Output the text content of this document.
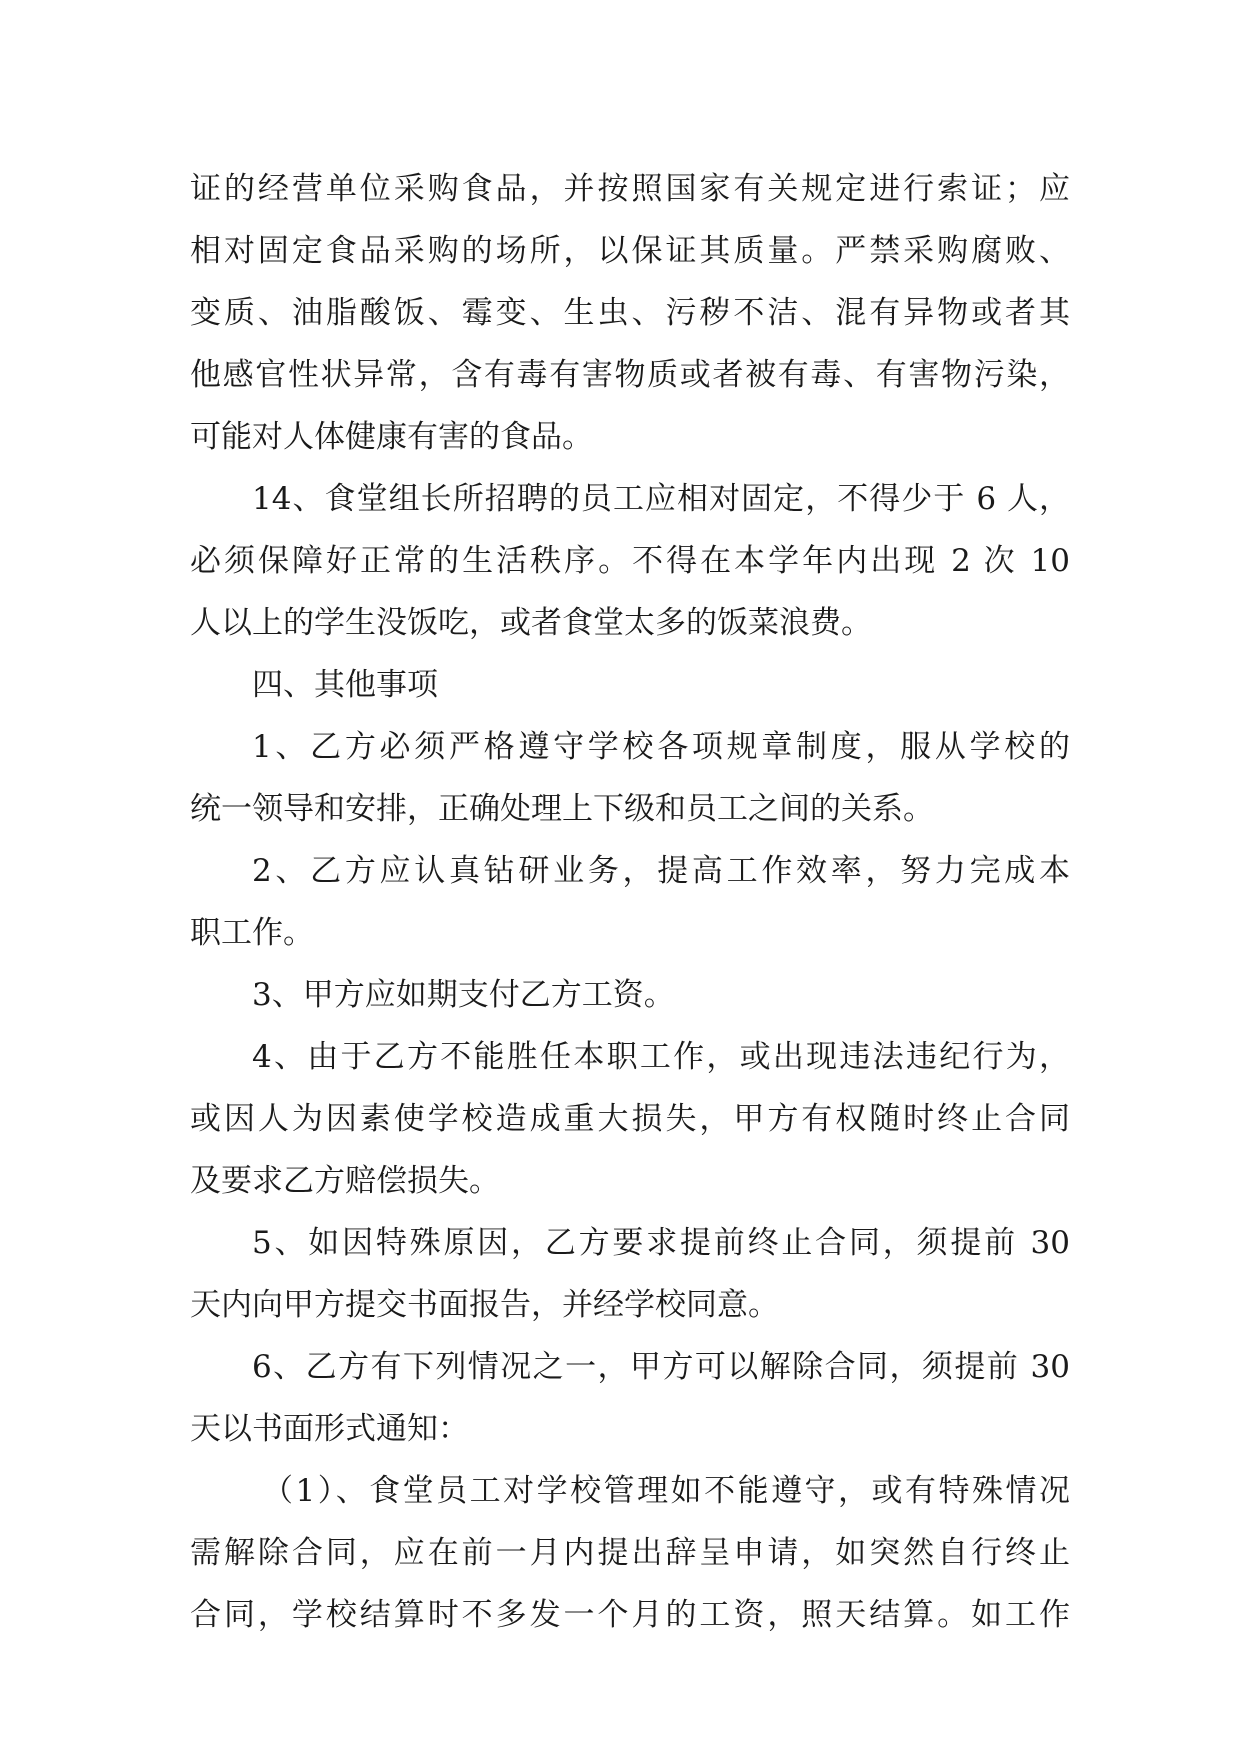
证的经营单位采购食品，并按照国家有关规定进行索证；应
相对固定食品采购的场所，以保证其质量。严禁采购腐败、
变质、油脂酸饭、霉变、生虫、污秽不洁、混有异物或者其
他感官性状异常，含有毒有害物质或者被有毒、有害物污染，
可能对人体健康有害的食品。
14、食堂组长所招聘的员工应相对固定，不得少于 6 人，
必须保障好正常的生活秩序。不得在本学年内出现 2 次 10
人以上的学生没饭吃，或者食堂太多的饭菜浪费。
四、其他事项
1、乙方必须严格遵守学校各项规章制度，服从学校的
统一领导和安排，正确处理上下级和员工之间的关系。
2、乙方应认真钻研业务，提高工作效率，努力完成本
职工作。
3、甲方应如期支付乙方工资。
4、由于乙方不能胜任本职工作，或出现违法违纪行为，
或因人为因素使学校造成重大损失，甲方有权随时终止合同
及要求乙方赔偿损失。
5、如因特殊原因，乙方要求提前终止合同，须提前 30
天内向甲方提交书面报告，并经学校同意。
6、乙方有下列情况之一，甲方可以解除合同，须提前 30
天以书面形式通知：
（1）、食堂员工对学校管理如不能遵守，或有特殊情况
需解除合同，应在前一月内提出辞呈申请，如突然自行终止
合同，学校结算时不多发一个月的工资，照天结算。如工作
